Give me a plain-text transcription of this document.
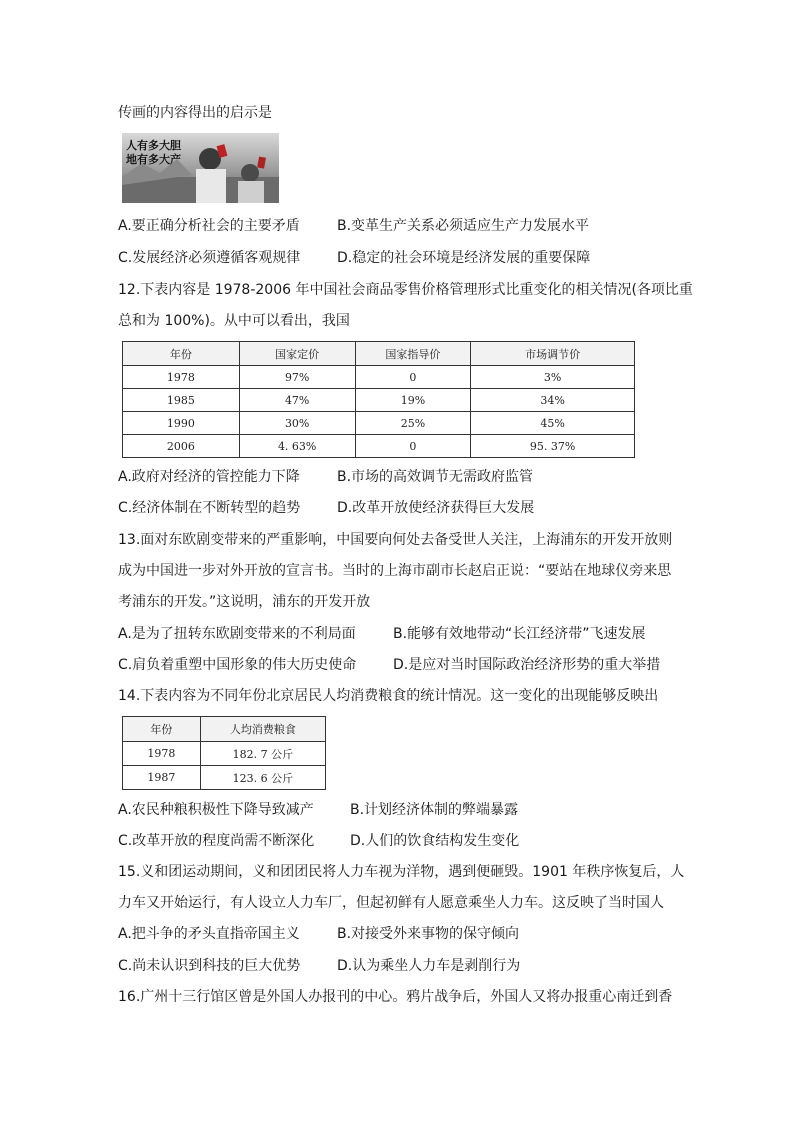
传画的内容得出的启示是
人有多大胆
地有多大产
A.要正确分析社会的主要矛盾	B.变革生产关系必须适应生产力发展水平
C.发展经济必须遵循客观规律	D.稳定的社会环境是经济发展的重要保障
12.下表内容是 1978-2006 年中国社会商品零售价格管理形式比重变化的相关情况(各项比重
总和为 100%)。从中可以看出，我国
年份	国家定价	国家指导价	市场调节价
1978	97%	0	3%
1985	47%	19%	34%
1990	30%	25%	45%
2006	4. 63%	0	95. 37%
A.政府对经济的管控能力下降	B.市场的高效调节无需政府监管
C.经济体制在不断转型的趋势	D.改革开放使经济获得巨大发展
13.面对东欧剧变带来的严重影响，中国要向何处去备受世人关注，上海浦东的开发开放则
成为中国进一步对外开放的宣言书。当时的上海市副市长赵启正说：“要站在地球仪旁来思
考浦东的开发。”这说明，浦东的开发开放
A.是为了扭转东欧剧变带来的不利局面	B.能够有效地带动“长江经济带”飞速发展
C.肩负着重塑中国形象的伟大历史使命	D.是应对当时国际政治经济形势的重大举措
14.下表内容为不同年份北京居民人均消费粮食的统计情况。这一变化的出现能够反映出
年份	人均消费粮食
1978	182. 7 公斤
1987	123. 6 公斤
A.农民种粮积极性下降导致减产	B.计划经济体制的弊端暴露
C.改革开放的程度尚需不断深化	D.人们的饮食结构发生变化
15.义和团运动期间，义和团团民将人力车视为洋物，遇到便砸毁。1901 年秩序恢复后，人
力车又开始运行，有人设立人力车厂，但起初鲜有人愿意乘坐人力车。这反映了当时国人
A.把斗争的矛头直指帝国主义	B.对接受外来事物的保守倾向
C.尚未认识到科技的巨大优势	D.认为乘坐人力车是剥削行为
16.广州十三行馆区曾是外国人办报刊的中心。鸦片战争后，外国人又将办报重心南迁到香
